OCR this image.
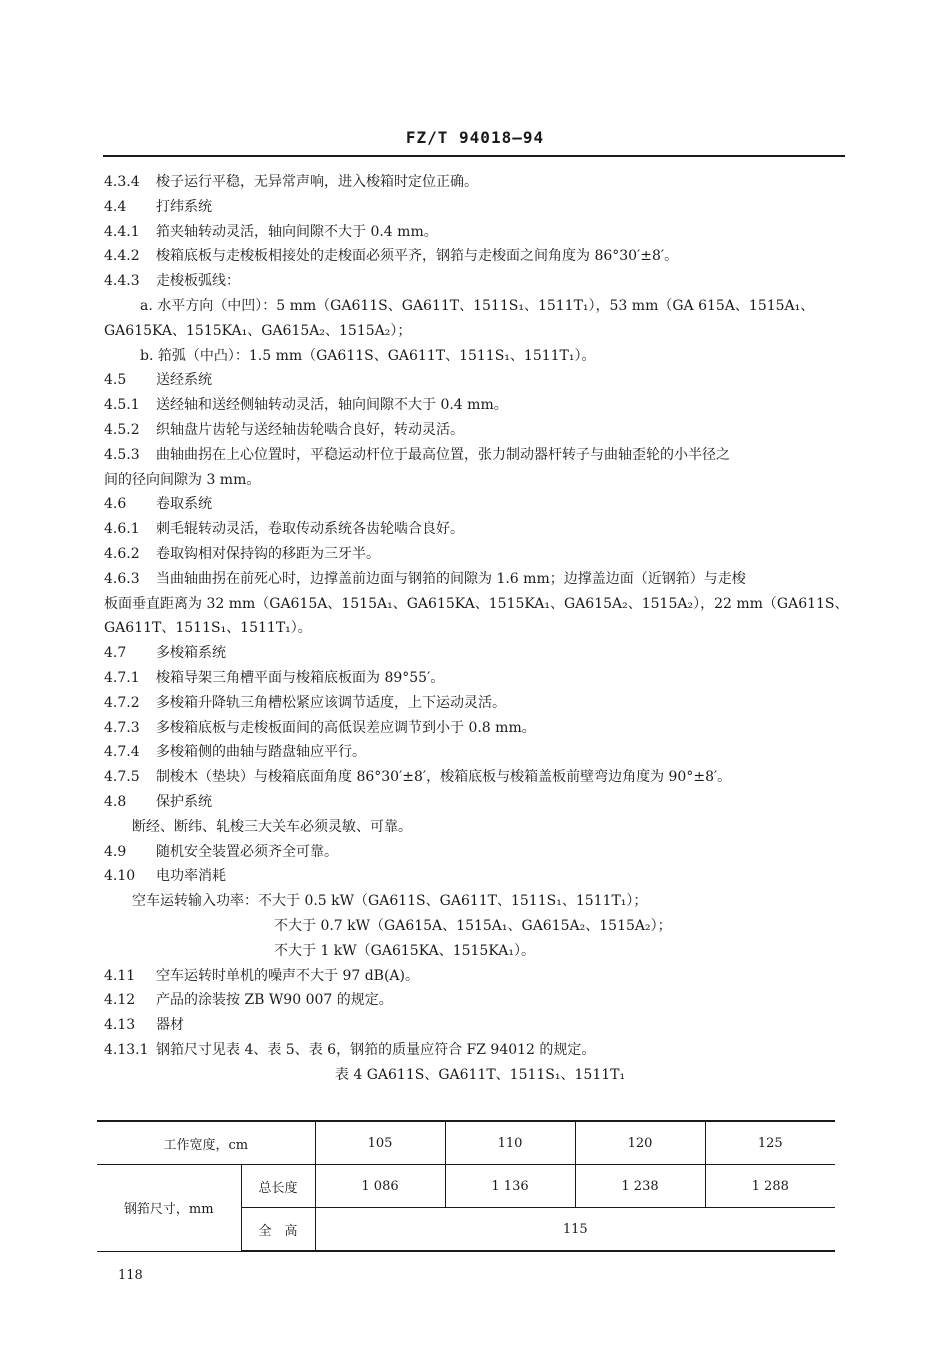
FZ/T 94018—94

4.3.4 梭子运行平稳，无异常声响，进入梭箱时定位正确。

4.4 打纬系统

4.4.1 筘夹轴转动灵活，轴向间隙不大于 0.4 mm。

4.4.2 梭箱底板与走梭板相接处的走梭面必须平齐，钢筘与走梭面之间角度为 86°30′±8′。

4.4.3 走梭板弧线：

a. 水平方向（中凹）：5 mm（GA611S、GA611T、1511S₁、1511T₁），53 mm（GA 615A、1515A₁、

GA615KA、1515KA₁、GA615A₂、1515A₂）；

b. 筘弧（中凸）：1.5 mm（GA611S、GA611T、1511S₁、1511T₁）。

4.5 送经系统

4.5.1 送经轴和送经侧轴转动灵活，轴向间隙不大于 0.4 mm。

4.5.2 织轴盘片齿轮与送经轴齿轮啮合良好，转动灵活。

4.5.3 曲轴曲拐在上心位置时，平稳运动杆位于最高位置，张力制动器杆转子与曲轴歪轮的小半径之

间的径向间隙为 3 mm。

4.6 卷取系统

4.6.1 刺毛辊转动灵活，卷取传动系统各齿轮啮合良好。

4.6.2 卷取钩相对保持钩的移距为三牙半。

4.6.3 当曲轴曲拐在前死心时，边撑盖前边面与钢筘的间隙为 1.6 mm；边撑盖边面（近钢筘）与走梭

板面垂直距离为 32 mm（GA615A、1515A₁、GA615KA、1515KA₁、GA615A₂、1515A₂），22 mm（GA611S、

GA611T、1511S₁、1511T₁）。

4.7 多梭箱系统

4.7.1 梭箱导架三角槽平面与梭箱底板面为 89°55′。

4.7.2 多梭箱升降轨三角槽松紧应该调节适度，上下运动灵活。

4.7.3 多梭箱底板与走梭板面间的高低误差应调节到小于 0.8 mm。

4.7.4 多梭箱侧的曲轴与踏盘轴应平行。

4.7.5 制梭木（垫块）与梭箱底面角度 86°30′±8′，梭箱底板与梭箱盖板前壁弯边角度为 90°±8′。

4.8 保护系统

断经、断纬、轧梭三大关车必须灵敏、可靠。

4.9 随机安全装置必须齐全可靠。

4.10 电功率消耗

空车运转输入功率：不大于 0.5 kW（GA611S、GA611T、1511S₁、1511T₁）；

不大于 0.7 kW（GA615A、1515A₁、GA615A₂、1515A₂）；

不大于 1 kW（GA615KA、1515KA₁）。

4.11 空车运转时单机的噪声不大于 97 dB(A)。

4.12 产品的涂装按 ZB W90 007 的规定。

4.13 器材

4.13.1 钢筘尺寸见表 4、表 5、表 6，钢筘的质量应符合 FZ 94012 的规定。

表 4 GA611S、GA611T、1511S₁、1511T₁

工作宽度，cm		105	110	120	125
钢筘尺寸，mm	总长度	1 086	1 136	1 238	1 288
	全　高	115			
118
